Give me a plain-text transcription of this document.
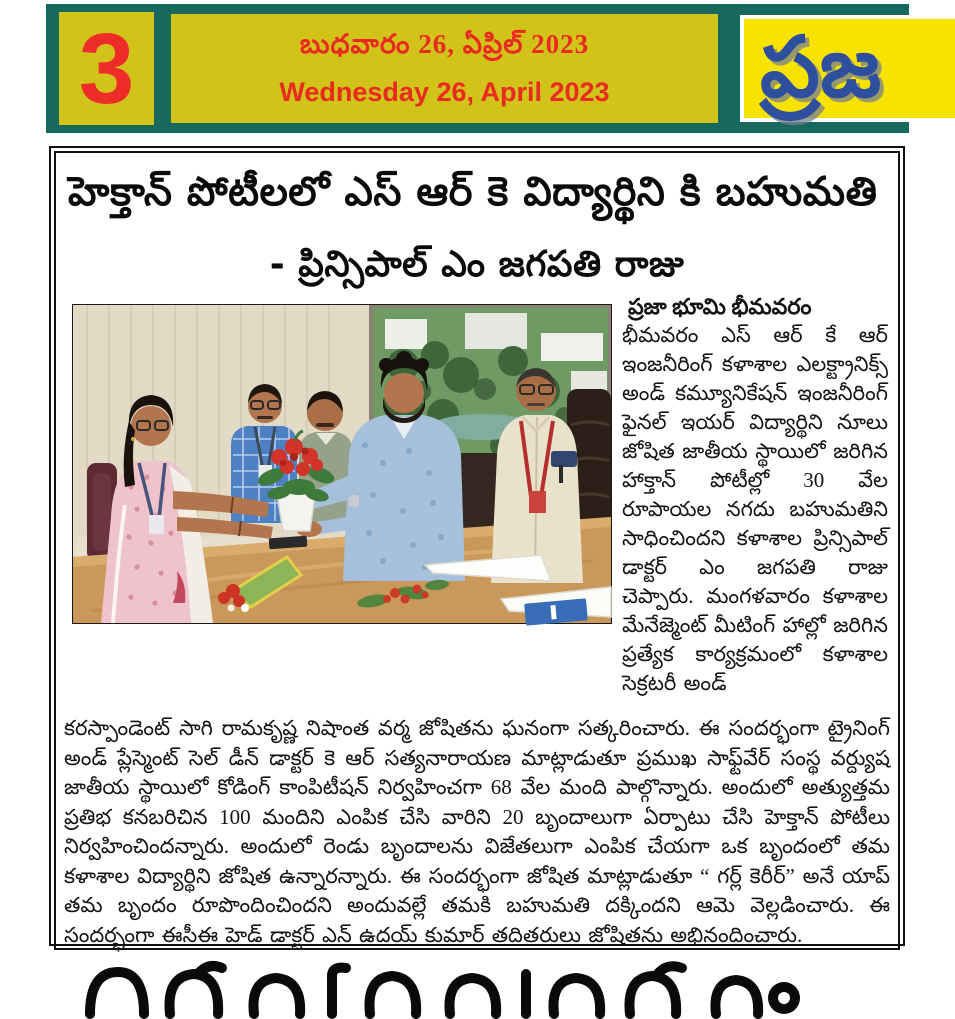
3	బుధవారం 26, ఏప్రిల్ 2023
Wednesday 26, April 2023 ప్రజ
హెక్తాన్ పోటీలలో ఎస్ ఆర్ కె విద్యార్థిని కి బహుమతి
- ప్రిన్సిపాల్ ఎం జగపతి రాజు
ప్రజా భూమి భీమవరం
భీమవరం ఎస్ ఆర్ కే ఆర్ ఇంజనీరింగ్ కళాశాల ఎలక్ట్రానిక్స్ అండ్ కమ్యూనికేషన్ ఇంజనీరింగ్ ఫైనల్ ఇయర్ విద్యార్థిని నూలు జోషిత జాతీయ స్థాయిలో జరిగిన హాక్తాన్ పోటీల్లో 30 వేల రూపాయల నగదు బహుమతిని సాధించిందని కళాశాల ప్రిన్సిపాల్ డాక్టర్ ఎం జగపతి రాజు చెప్పారు. మంగళవారం కళాశాల మేనేజ్మెంట్ మీటింగ్ హాల్లో జరిగిన ప్రత్యేక కార్యక్రమంలో కళాశాల సెక్రటరీ అండ్
కరస్పాండెంట్ సాగి రామకృష్ణ నిషాంత వర్మ జోషితను ఘనంగా సత్కరించారు. ఈ సందర్భంగా ట్రైనింగ్ అండ్ ప్లేస్మెంట్ సెల్ డీన్ డాక్టర్ కె ఆర్ సత్యనారాయణ మాట్లాడుతూ ప్రముఖ సాఫ్ట్‌వేర్ సంస్థ వర్ద్యుష జాతీయ స్థాయిలో కోడింగ్ కాంపిటీషన్ నిర్వహించగా 68 వేల మంది పాల్గొన్నారు. అందులో అత్యుత్తమ ప్రతిభ కనబరిచిన 100 మందిని ఎంపిక చేసి వారిని 20 బృందాలుగా ఏర్పాటు చేసి హెక్తాన్ పోటీలు నిర్వహించిందన్నారు. అందులో రెండు బృందాలను విజేతలుగా ఎంపిక చేయగా ఒక బృందంలో తమ కళాశాల విద్యార్థిని జోషిత ఉన్నారన్నారు. ఈ సందర్భంగా జోషిత మాట్లాడుతూ “ గర్ల్ కెరీర్” అనే యాప్ తమ బృందం రూపొందించిందని అందువల్లే తమకి బహుమతి దక్కిందని ఆమె వెల్లడించారు. ఈ సందర్భంగా ఈసీఈ హెడ్ డాక్టర్ ఎన్ ఉదయ్ కుమార్ తదితరులు జోషితను అభినందించారు.
